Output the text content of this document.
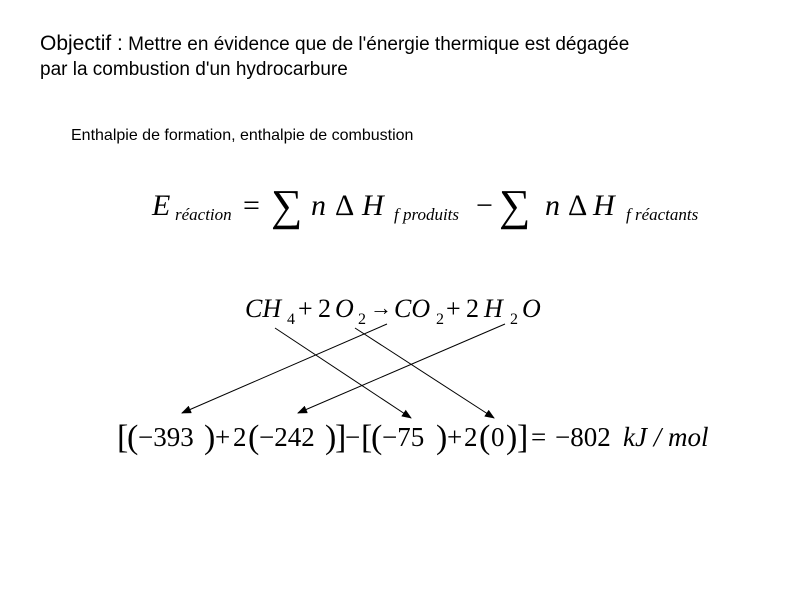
Objectif : Mettre en évidence que de l'énergie thermique est dégagée
par la combustion d'un hydrocarbure
Enthalpie de formation, enthalpie de combustion
E réaction = ∑ n Δ H f produits − ∑ n Δ H f réactants
CH 4 + 2 O 2 → CO 2 + 2 H 2 O
[
( −393 ) + 2 ( −242 )
]
− [
( −75 ) + 2 ( 0 ) ] = −802 kJ / mol
